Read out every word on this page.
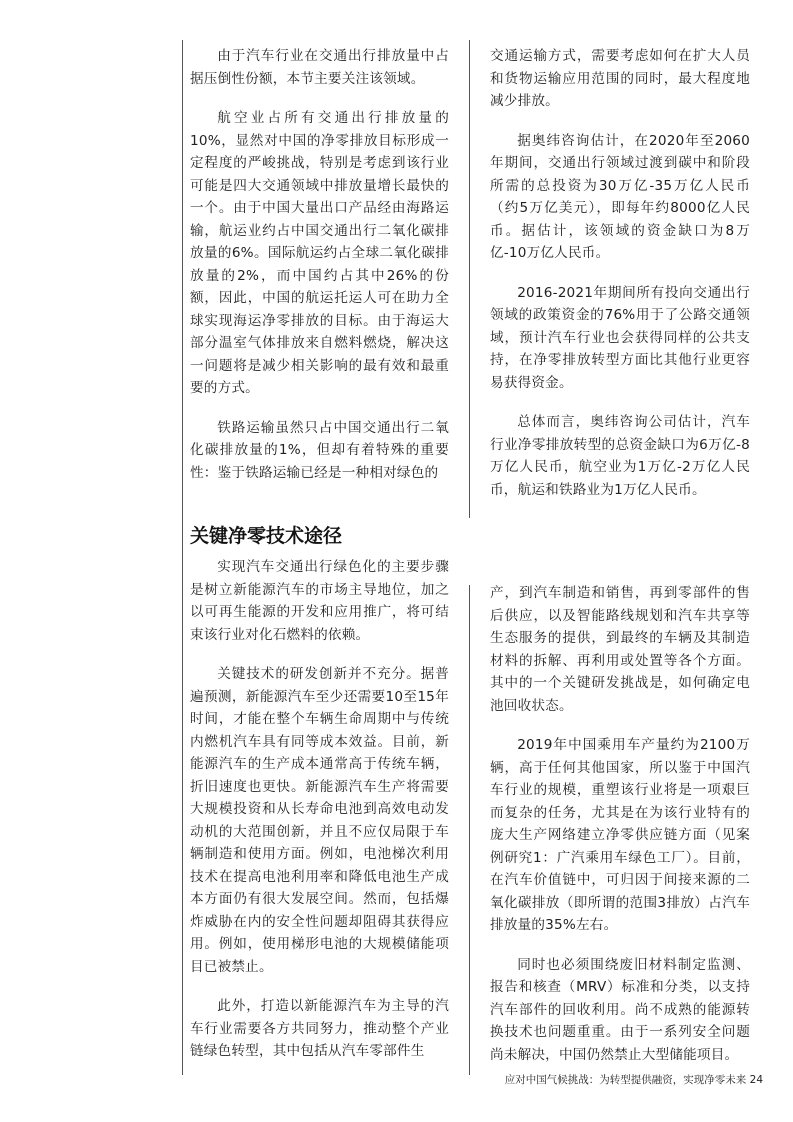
由于汽车行业在交通出行排放量中占据压倒性份额，本节主要关注该领域。

航空业占所有交通出行排放量的10%，显然对中国的净零排放目标形成一定程度的严峻挑战，特别是考虑到该行业可能是四大交通领域中排放量增长最快的一个。由于中国大量出口产品经由海路运输，航运业约占中国交通出行二氧化碳排放量的6%。国际航运约占全球二氧化碳排放量的2%，而中国约占其中26%的份额，因此，中国的航运托运人可在助力全球实现海运净零排放的目标。由于海运大部分温室气体排放来自燃料燃烧，解决这一问题将是减少相关影响的最有效和最重要的方式。

铁路运输虽然只占中国交通出行二氧化碳排放量的1%，但却有着特殊的重要性：鉴于铁路运输已经是一种相对绿色的

交通运输方式，需要考虑如何在扩大人员和货物运输应用范围的同时，最大程度地减少排放。

据奥纬咨询估计，在2020年至2060年期间，交通出行领域过渡到碳中和阶段所需的总投资为30万亿-35万亿人民币（约5万亿美元），即每年约8000亿人民币。据估计，该领域的资金缺口为8万亿-10万亿人民币。

2016-2021年期间所有投向交通出行领域的政策资金的76%用于了公路交通领域，预计汽车行业也会获得同样的公共支持，在净零排放转型方面比其他行业更容易获得资金。

总体而言，奥纬咨询公司估计，汽车行业净零排放转型的总资金缺口为6万亿-8万亿人民币，航空业为1万亿-2万亿人民币，航运和铁路业为1万亿人民币。

关键净零技术途径

实现汽车交通出行绿色化的主要步骤是树立新能源汽车的市场主导地位，加之以可再生能源的开发和应用推广，将可结束该行业对化石燃料的依赖。

关键技术的研发创新并不充分。据普遍预测，新能源汽车至少还需要10至15年时间，才能在整个车辆生命周期中与传统内燃机汽车具有同等成本效益。目前，新能源汽车的生产成本通常高于传统车辆，折旧速度也更快。新能源汽车生产将需要大规模投资和从长寿命电池到高效电动发动机的大范围创新，并且不应仅局限于车辆制造和使用方面。例如，电池梯次利用技术在提高电池利用率和降低电池生产成本方面仍有很大发展空间。然而，包括爆炸威胁在内的安全性问题却阻碍其获得应用。例如，使用梯形电池的大规模储能项目已被禁止。

此外，打造以新能源汽车为主导的汽车行业需要各方共同努力，推动整个产业链绿色转型，其中包括从汽车零部件生

产，到汽车制造和销售，再到零部件的售后供应，以及智能路线规划和汽车共享等生态服务的提供，到最终的车辆及其制造材料的拆解、再利用或处置等各个方面。其中的一个关键研发挑战是，如何确定电池回收状态。

2019年中国乘用车产量约为2100万辆，高于任何其他国家，所以鉴于中国汽车行业的规模，重塑该行业将是一项艰巨而复杂的任务，尤其是在为该行业特有的庞大生产网络建立净零供应链方面（见案例研究1：广汽乘用车绿色工厂）。目前，在汽车价值链中，可归因于间接来源的二氧化碳排放（即所谓的范围3排放）占汽车排放量的35%左右。

同时也必须围绕废旧材料制定监测、报告和核查（MRV）标准和分类，以支持汽车部件的回收利用。尚不成熟的能源转换技术也问题重重。由于一系列安全问题尚未解决，中国仍然禁止大型储能项目。

应对中国气候挑战：为转型提供融资，实现净零未来 24
